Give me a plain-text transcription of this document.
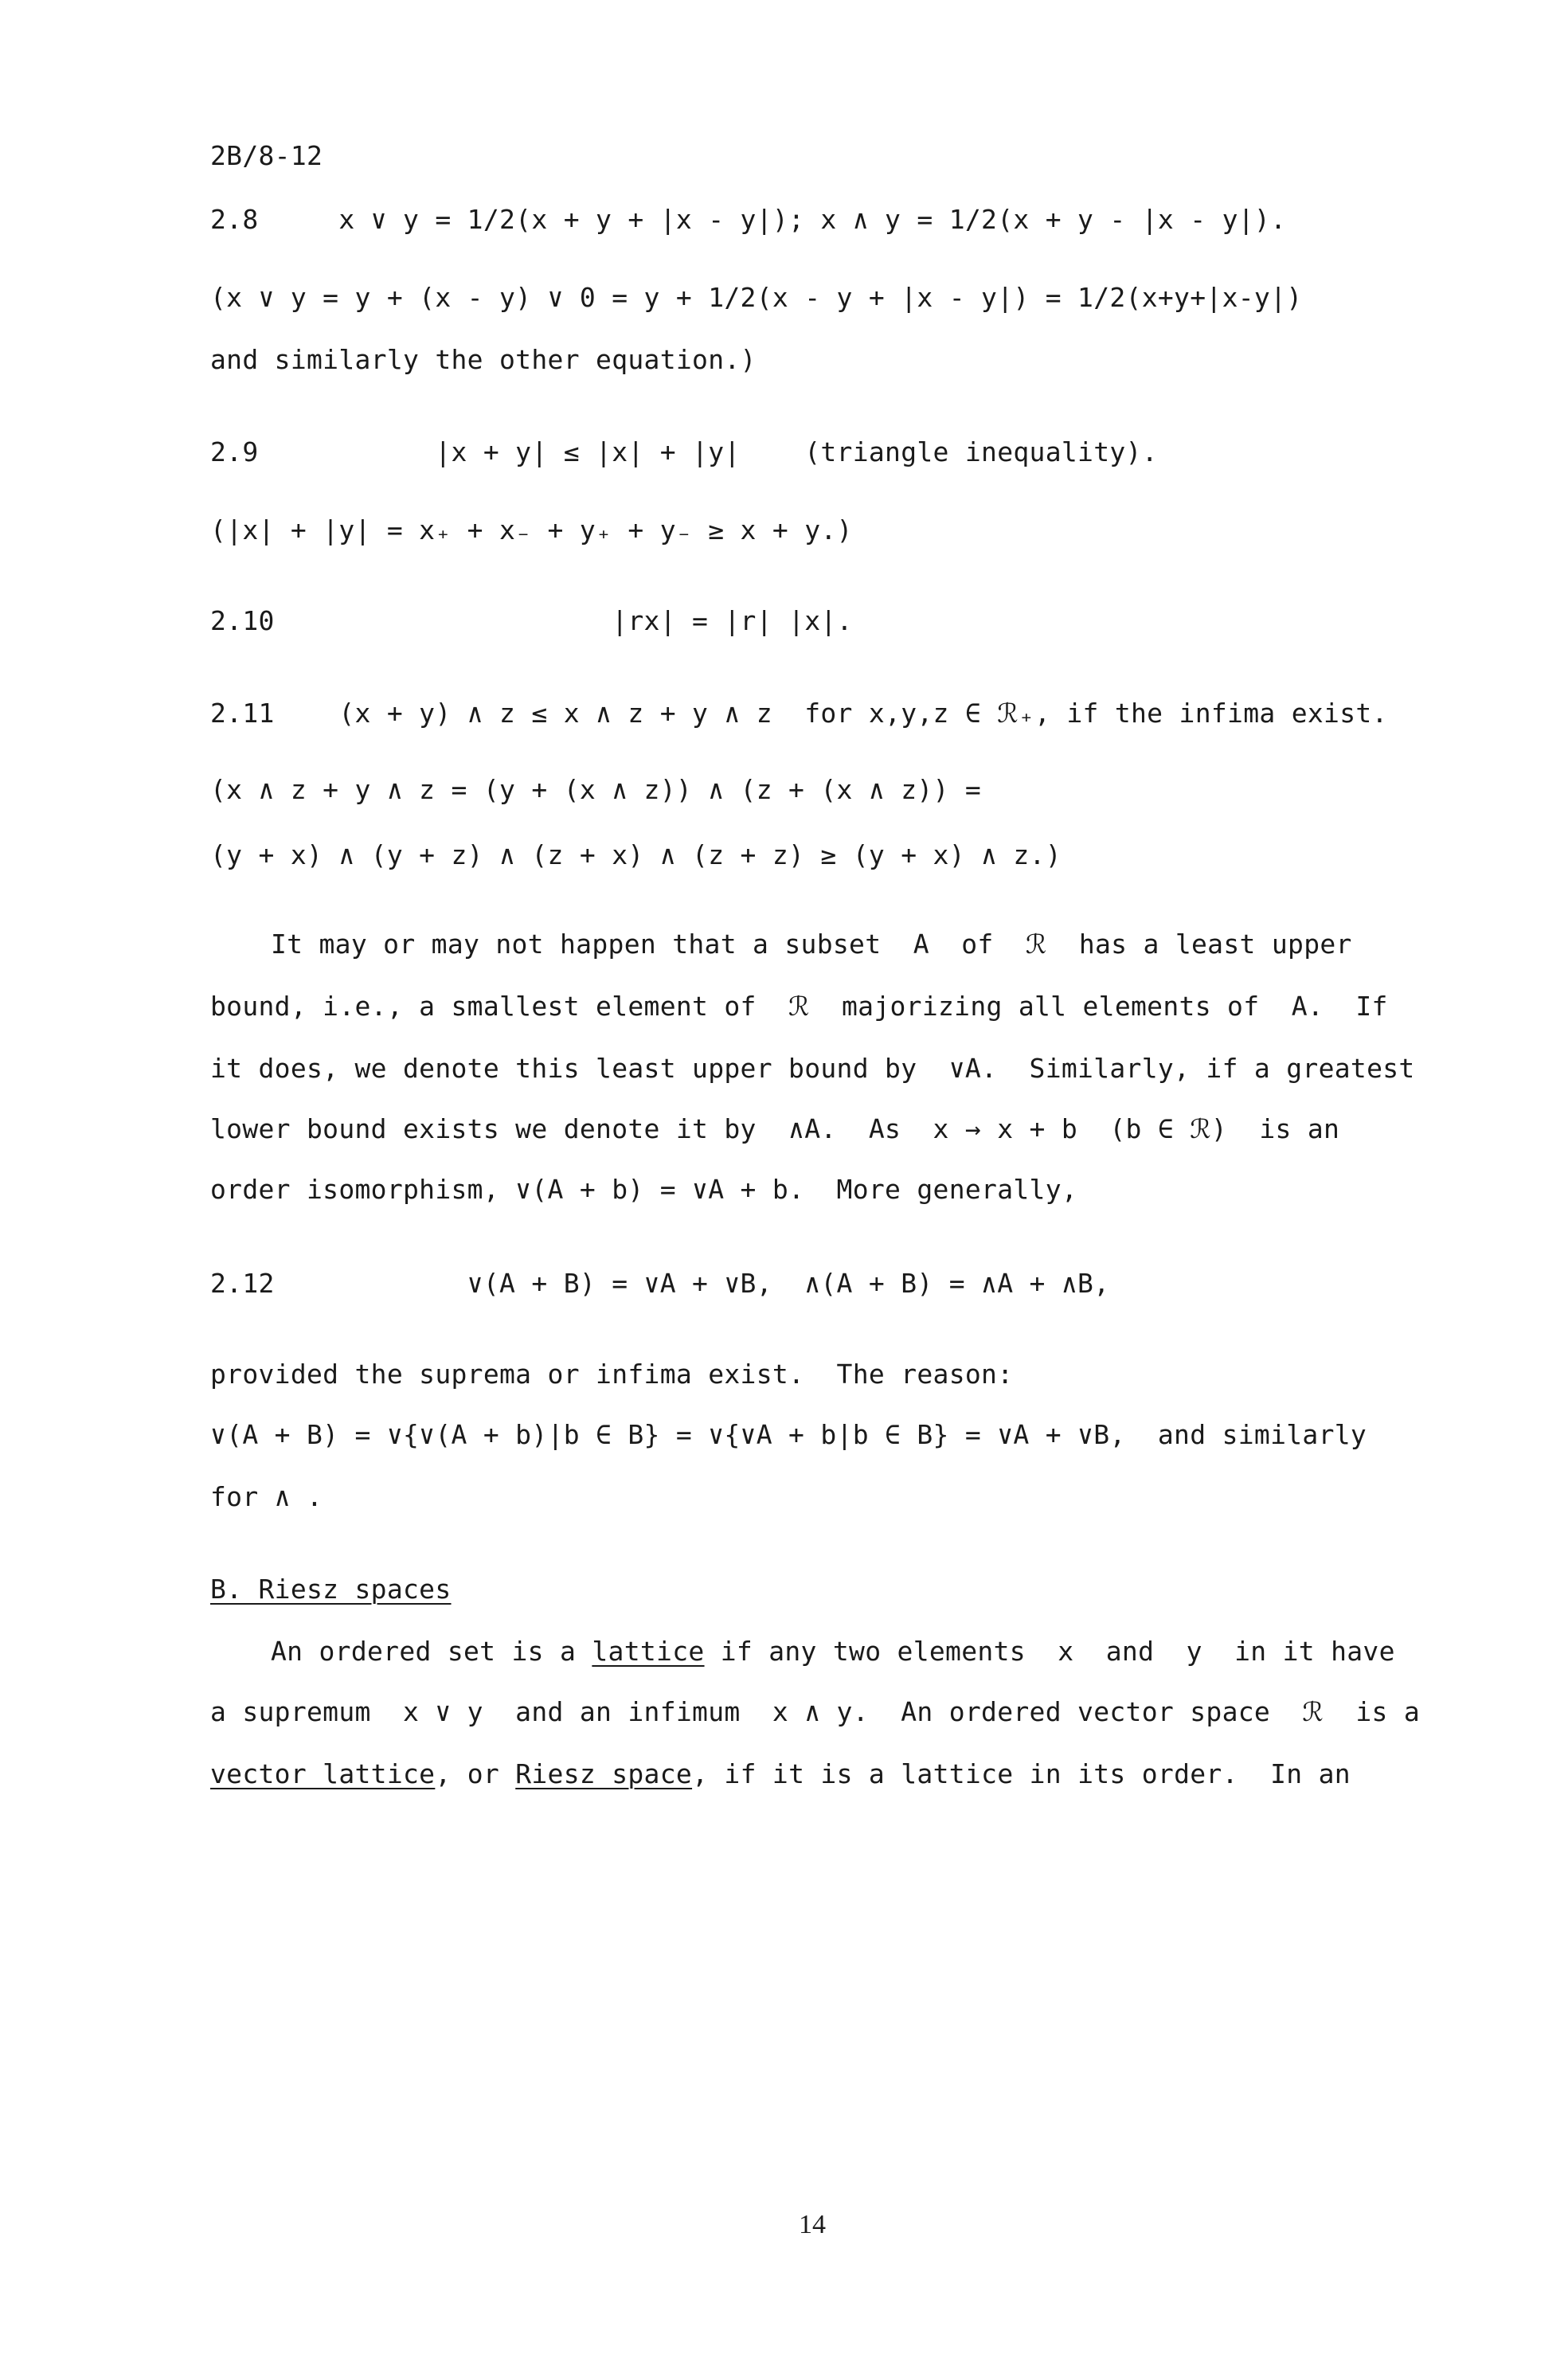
2B/8-12
2.8     x ∨ y = 1/2(x + y + |x - y|); x ∧ y = 1/2(x + y - |x - y|).
(x ∨ y = y + (x - y) ∨ 0 = y + 1/2(x - y + |x - y|) = 1/2(x+y+|x-y|)
and similarly the other equation.)
2.9           |x + y| ≤ |x| + |y|    (triangle inequality).
(|x| + |y| = x₊ + x₋ + y₊ + y₋ ≥ x + y.)
2.10                     |rx| = |r| |x|.
2.11    (x + y) ∧ z ≤ x ∧ z + y ∧ z  for x,y,z ∈ ℛ₊, if the infima exist.
(x ∧ z + y ∧ z = (y + (x ∧ z)) ∧ (z + (x ∧ z)) =
(y + x) ∧ (y + z) ∧ (z + x) ∧ (z + z) ≥ (y + x) ∧ z.)
It may or may not happen that a subset  A  of  ℛ  has a least upper
bound, i.e., a smallest element of  ℛ  majorizing all elements of  A.  If
it does, we denote this least upper bound by  ∨A.  Similarly, if a greatest
lower bound exists we denote it by  ∧A.  As  x → x + b  (b ∈ ℛ)  is an
order isomorphism, ∨(A + b) = ∨A + b.  More generally,
2.12            ∨(A + B) = ∨A + ∨B,  ∧(A + B) = ∧A + ∧B,
provided the suprema or infima exist.  The reason:
∨(A + B) = ∨{∨(A + b)|b ∈ B} = ∨{∨A + b|b ∈ B} = ∨A + ∨B,  and similarly
for ∧ .
B. Riesz spaces
An ordered set is a lattice if any two elements  x  and  y  in it have
a supremum  x ∨ y  and an infimum  x ∧ y.  An ordered vector space  ℛ  is a
vector lattice, or Riesz space, if it is a lattice in its order.  In an
14
